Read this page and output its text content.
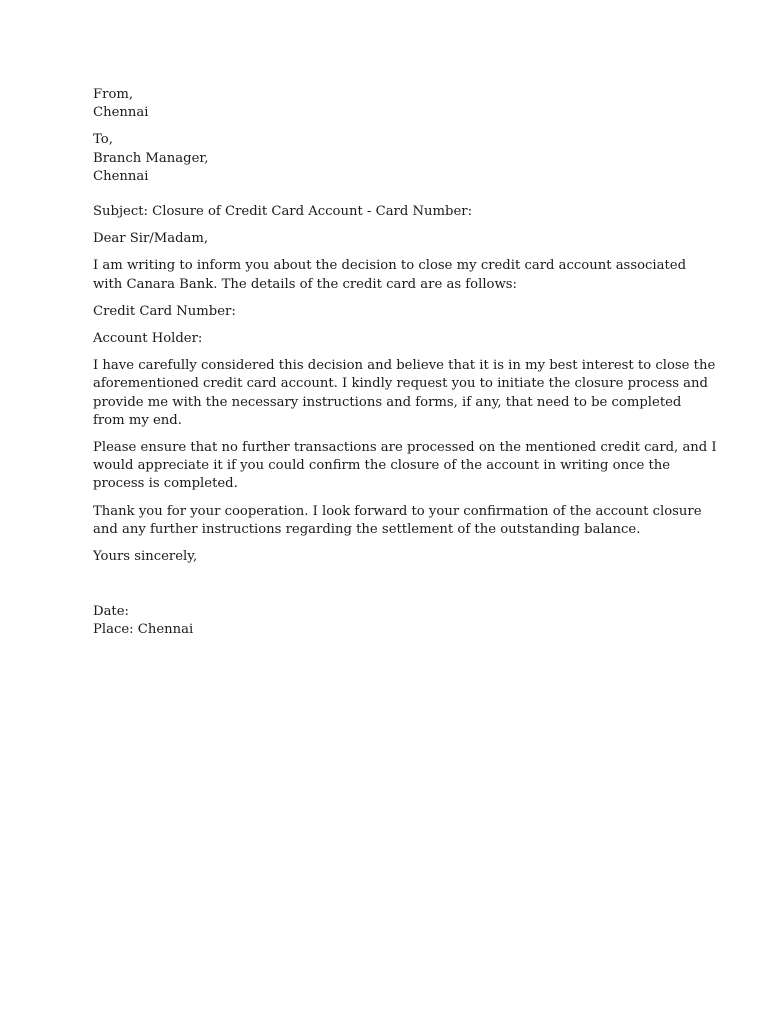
From,
Chennai
To,
Branch Manager,
Chennai
Subject: Closure of Credit Card Account - Card Number:
Dear Sir/Madam,
I am writing to inform you about the decision to close my credit card account associated
with Canara Bank. The details of the credit card are as follows:
Credit Card Number:
Account Holder:
I have carefully considered this decision and believe that it is in my best interest to close the
aforementioned credit card account. I kindly request you to initiate the closure process and
provide me with the necessary instructions and forms, if any, that need to be completed
from my end.
Please ensure that no further transactions are processed on the mentioned credit card, and I
would appreciate it if you could confirm the closure of the account in writing once the
process is completed.
Thank you for your cooperation. I look forward to your confirmation of the account closure
and any further instructions regarding the settlement of the outstanding balance.
Yours sincerely,
Date:
Place: Chennai
